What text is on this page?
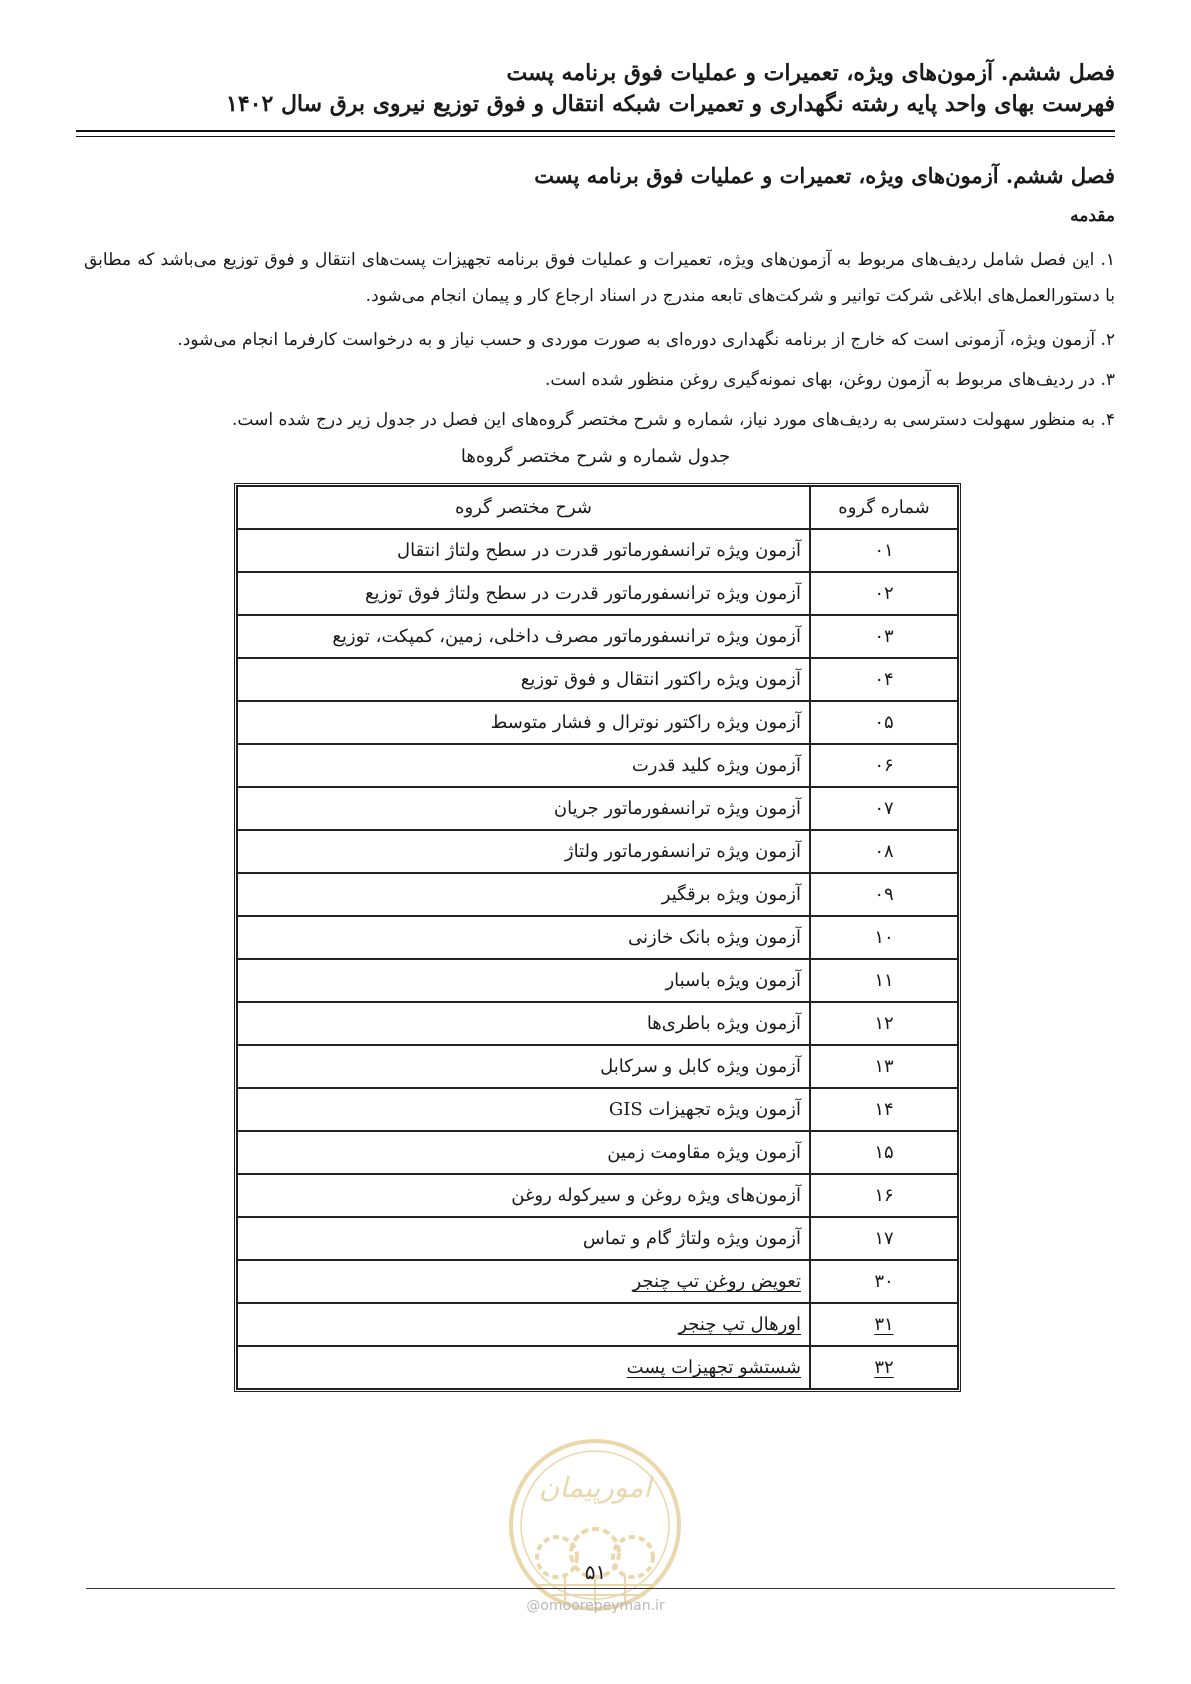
فصل ششم. آزمون‌های ویژه، تعمیرات و عملیات فوق برنامه پست
فهرست بهای واحد پایه رشته نگهداری و تعمیرات شبکه انتقال و فوق توزیع نیروی برق سال ۱۴۰۲
فصل ششم. آزمون‌های ویژه، تعمیرات و عملیات فوق برنامه پست
مقدمه
۱. این فصل شامل ردیف‌های مربوط به آزمون‌های ویژه، تعمیرات و عملیات فوق برنامه تجهیزات پست‌های انتقال و فوق توزیع می‌باشد که مطابق با دستورالعمل‌های ابلاغی شرکت توانیر و شرکت‌های تابعه مندرج در اسناد ارجاع کار و پیمان انجام می‌شود.
۲. آزمون ویژه، آزمونی است که خارج از برنامه نگهداری دوره‌ای به صورت موردی و حسب نیاز و به درخواست کارفرما انجام می‌شود.
۳. در ردیف‌های مربوط به آزمون روغن، بهای نمونه‌گیری روغن منظور شده است.
۴. به منظور سهولت دسترسی به ردیف‌های مورد نیاز، شماره و شرح مختصر گروه‌های این فصل در جدول زیر درج شده است.
جدول شماره و شرح مختصر گروه‌ها
شماره گروه	شرح مختصر گروه
۰۱	آزمون ویژه ترانسفورماتور قدرت در سطح ولتاژ انتقال
۰۲	آزمون ویژه ترانسفورماتور قدرت در سطح ولتاژ فوق توزیع
۰۳	آزمون ویژه ترانسفورماتور مصرف داخلی، زمین، کمپکت، توزیع
۰۴	آزمون ویژه راکتور انتقال و فوق توزیع
۰۵	آزمون ویژه راکتور نوترال و فشار متوسط
۰۶	آزمون ویژه کلید قدرت
۰۷	آزمون ویژه ترانسفورماتور جریان
۰۸	آزمون ویژه ترانسفورماتور ولتاژ
۰۹	آزمون ویژه برقگیر
۱۰	آزمون ویژه بانک خازنی
۱۱	آزمون ویژه باسبار
۱۲	آزمون ویژه باطری‌ها
۱۳	آزمون ویژه کابل و سرکابل
۱۴	آزمون ویژه تجهیزات GIS
۱۵	آزمون ویژه مقاومت زمین
۱۶	آزمون‌های ویژه روغن و سیرکوله روغن
۱۷	آزمون ویژه ولتاژ گام و تماس
۳۰	تعویض روغن تپ چنجر
۳۱	اورهال تپ چنجر
۳۲	شستشو تجهیزات پست
امورپیمان
۵۱
@omoorepeyman.ir
